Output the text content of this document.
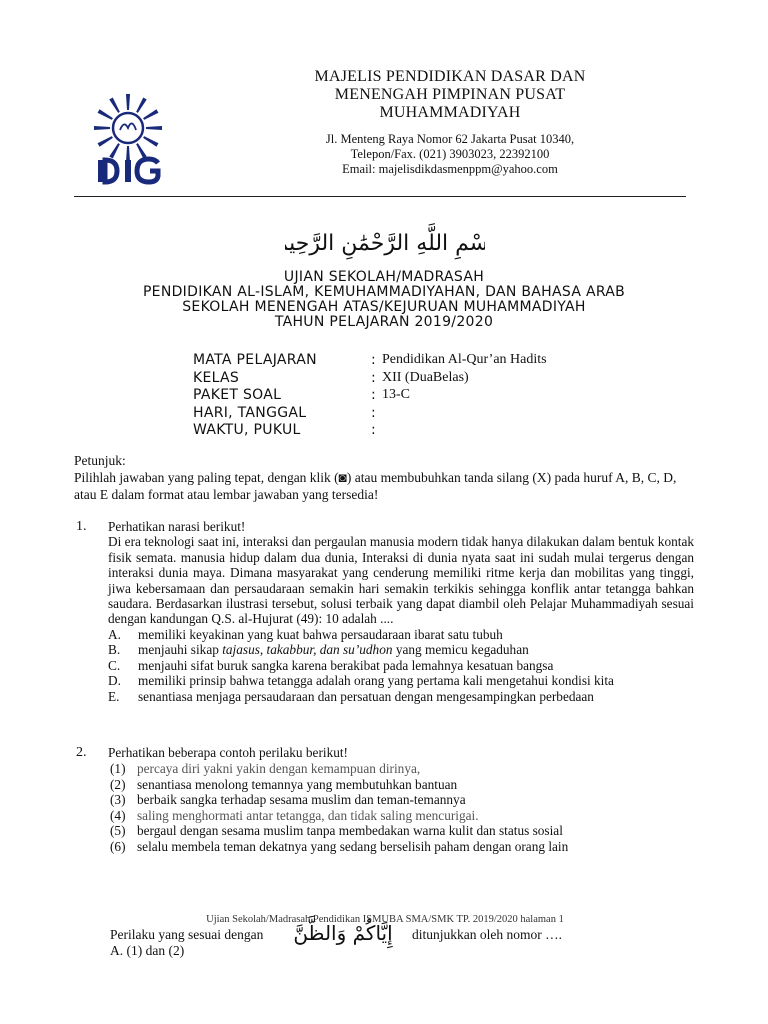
MAJELIS PENDIDIKAN DASAR DAN
MENENGAH PIMPINAN PUSAT
MUHAMMADIYAH
Jl. Menteng Raya Nomor 62 Jakarta Pusat 10340,
Telepon/Fax. (021) 3903023, 22392100
Email: majelisdikdasmenppm@yahoo.com
بِسْمِ اللَّهِ الرَّحْمَٰنِ الرَّحِيمِ
UJIAN SEKOLAH/MADRASAH
PENDIDIKAN AL-ISLAM, KEMUHAMMADIYAHAN, DAN BAHASA ARAB
SEKOLAH MENENGAH ATAS/KEJURUAN MUHAMMADIYAH
TAHUN PELAJARAN 2019/2020
MATA PELAJARAN	: Pendidikan Al-Qur’an Hadits
KELAS	: XII (DuaBelas)
PAKET SOAL	: 13-C
HARI, TANGGAL	:
WAKTU, PUKUL	:
Petunjuk:
Pilihlah jawaban yang paling tepat, dengan klik (◙) atau membubuhkan tanda silang (X) pada huruf A, B, C, D, atau E dalam format atau lembar jawaban yang tersedia!
1. Perhatikan narasi berikut!
Di era teknologi saat ini, interaksi dan pergaulan manusia modern tidak hanya dilakukan dalam bentuk kontak fisik semata. manusia hidup dalam dua dunia, Interaksi di dunia nyata saat ini sudah mulai tergerus dengan interaksi dunia maya. Dimana masyarakat yang cenderung memiliki ritme kerja dan mobilitas yang tinggi, jiwa kebersamaan dan persaudaraan semakin hari semakin terkikis sehingga konflik antar tetangga bahkan saudara. Berdasarkan ilustrasi tersebut, solusi terbaik yang dapat diambil oleh Pelajar Muhammadiyah sesuai dengan kandungan Q.S. al-Hujurat (49): 10 adalah ....
A. memiliki keyakinan yang kuat bahwa persaudaraan ibarat satu tubuh
B. menjauhi sikap tajasus, takabbur, dan su’udhon yang memicu kegaduhan
C. menjauhi sifat buruk sangka karena berakibat pada lemahnya kesatuan bangsa
D. memiliki prinsip bahwa tetangga adalah orang yang pertama kali mengetahui kondisi kita
E. senantiasa menjaga persaudaraan dan persatuan dengan mengesampingkan perbedaan
2. Perhatikan beberapa contoh perilaku berikut!
(1) percaya diri yakni yakin dengan kemampuan dirinya,
(2) senantiasa menolong temannya yang membutuhkan bantuan
(3) berbaik sangka terhadap sesama muslim dan teman-temannya
(4) saling menghormati antar tetangga, dan tidak saling mencurigai.
(5) bergaul dengan sesama muslim tanpa membedakan warna kulit dan status sosial
(6) selalu membela teman dekatnya yang sedang berselisih paham dengan orang lain
Ujian Sekolah/Madrasah Pendidikan ISMUBA SMA/SMK TP. 2019/2020 halaman 1
Perilaku yang sesuai dengan إِيَّاكُمْ وَالظَّنَّ ditunjukkan oleh nomor ….
A. (1) dan (2)
